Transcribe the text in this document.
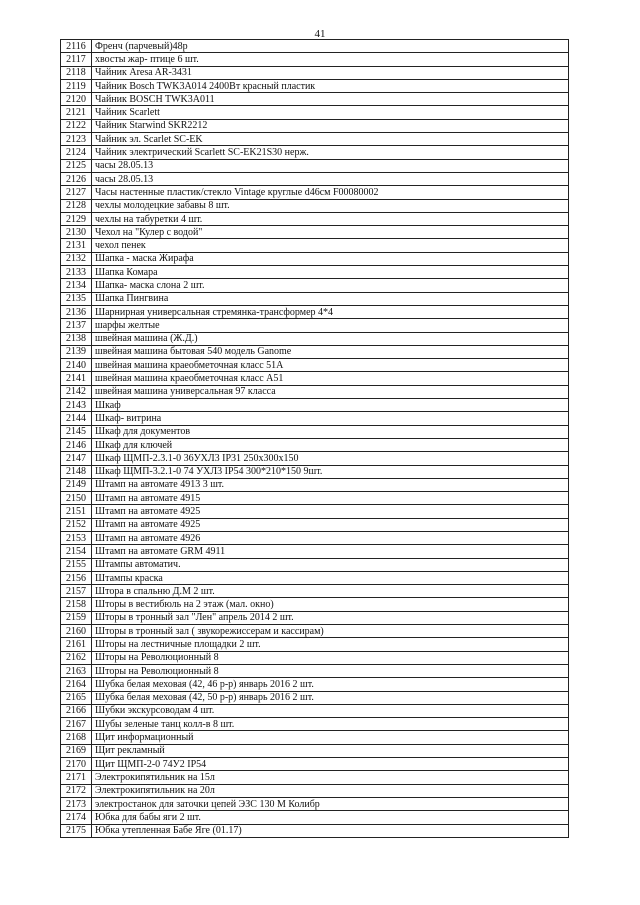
41
2116	Френч (парчевый)48р
2117	хвосты жар- птице 6 шт.
2118	Чайник Aresa AR-3431
2119	Чайник Bosch TWK3A014 2400Вт красный пластик
2120	Чайник BOSCH TWK3A011
2121	Чайник Scarlett
2122	Чайник Starwind SKR2212
2123	Чайник эл. Scarlet SC-EK
2124	Чайник электрический Scarlett SC-EK21S30 нерж.
2125	часы 28.05.13
2126	часы 28.05.13
2127	Часы настенные пластик/стекло Vintage круглые d46см F00080002
2128	чехлы молодецкие забавы 8 шт.
2129	чехлы на табуретки 4 шт.
2130	Чехол на "Кулер с водой"
2131	чехол пенек
2132	Шапка - маска Жирафа
2133	Шапка Комара
2134	Шапка- маска слона 2 шт.
2135	Шапка Пингвина
2136	Шарнирная универсальная стремянка-трансформер 4*4
2137	шарфы желтые
2138	швейная машина (Ж.Д.)
2139	швейная машина бытовая 540 модель Ganome
2140	швейная машина краеобметочная класс 51А
2141	швейная машина краеобметочная класс А51
2142	швейная машина универсальная 97 класса
2143	Шкаф
2144	Шкаф- витрина
2145	Шкаф для документов
2146	Шкаф для ключей
2147	Шкаф ЩМП-2.3.1-0 36УХЛ3 IP31 250x300x150
2148	Шкаф ЩМП-3.2.1-0 74 УХЛ3 IP54 300*210*150 9шт.
2149	Штамп на автомате 4913 3 шт.
2150	Штамп на автомате 4915
2151	Штамп на автомате 4925
2152	Штамп на автомате 4925
2153	Штамп на автомате 4926
2154	Штамп на автомате GRM 4911
2155	Штампы автоматич.
2156	Штампы краска
2157	Штора в спальню Д.М 2 шт.
2158	Шторы в вестибюль на 2 этаж (мал. окно)
2159	Шторы в тронный зал "Лен" апрель 2014 2 шт.
2160	Шторы в тронный зал ( звукорежиссерам и кассирам)
2161	Шторы на лестничные площадки 2 шт.
2162	Шторы на Революционный 8
2163	Шторы на Революционный 8
2164	Шубка белая меховая (42, 46 р-р) январь 2016 2 шт.
2165	Шубка белая меховая (42, 50 р-р) январь 2016 2 шт.
2166	Шубки экскурсоводам 4 шт.
2167	Шубы зеленые танц колл-в 8 шт.
2168	Щит информационный
2169	Щит рекламный
2170	Щит ЩМП-2-0 74У2 IP54
2171	Электрокипятильник на 15л
2172	Электрокипятильник на 20л
2173	электростанок для заточки цепей ЭЗС 130 М Колибр
2174	Юбка для бабы яги 2 шт.
2175	Юбка утепленная Бабе Яге (01.17)
